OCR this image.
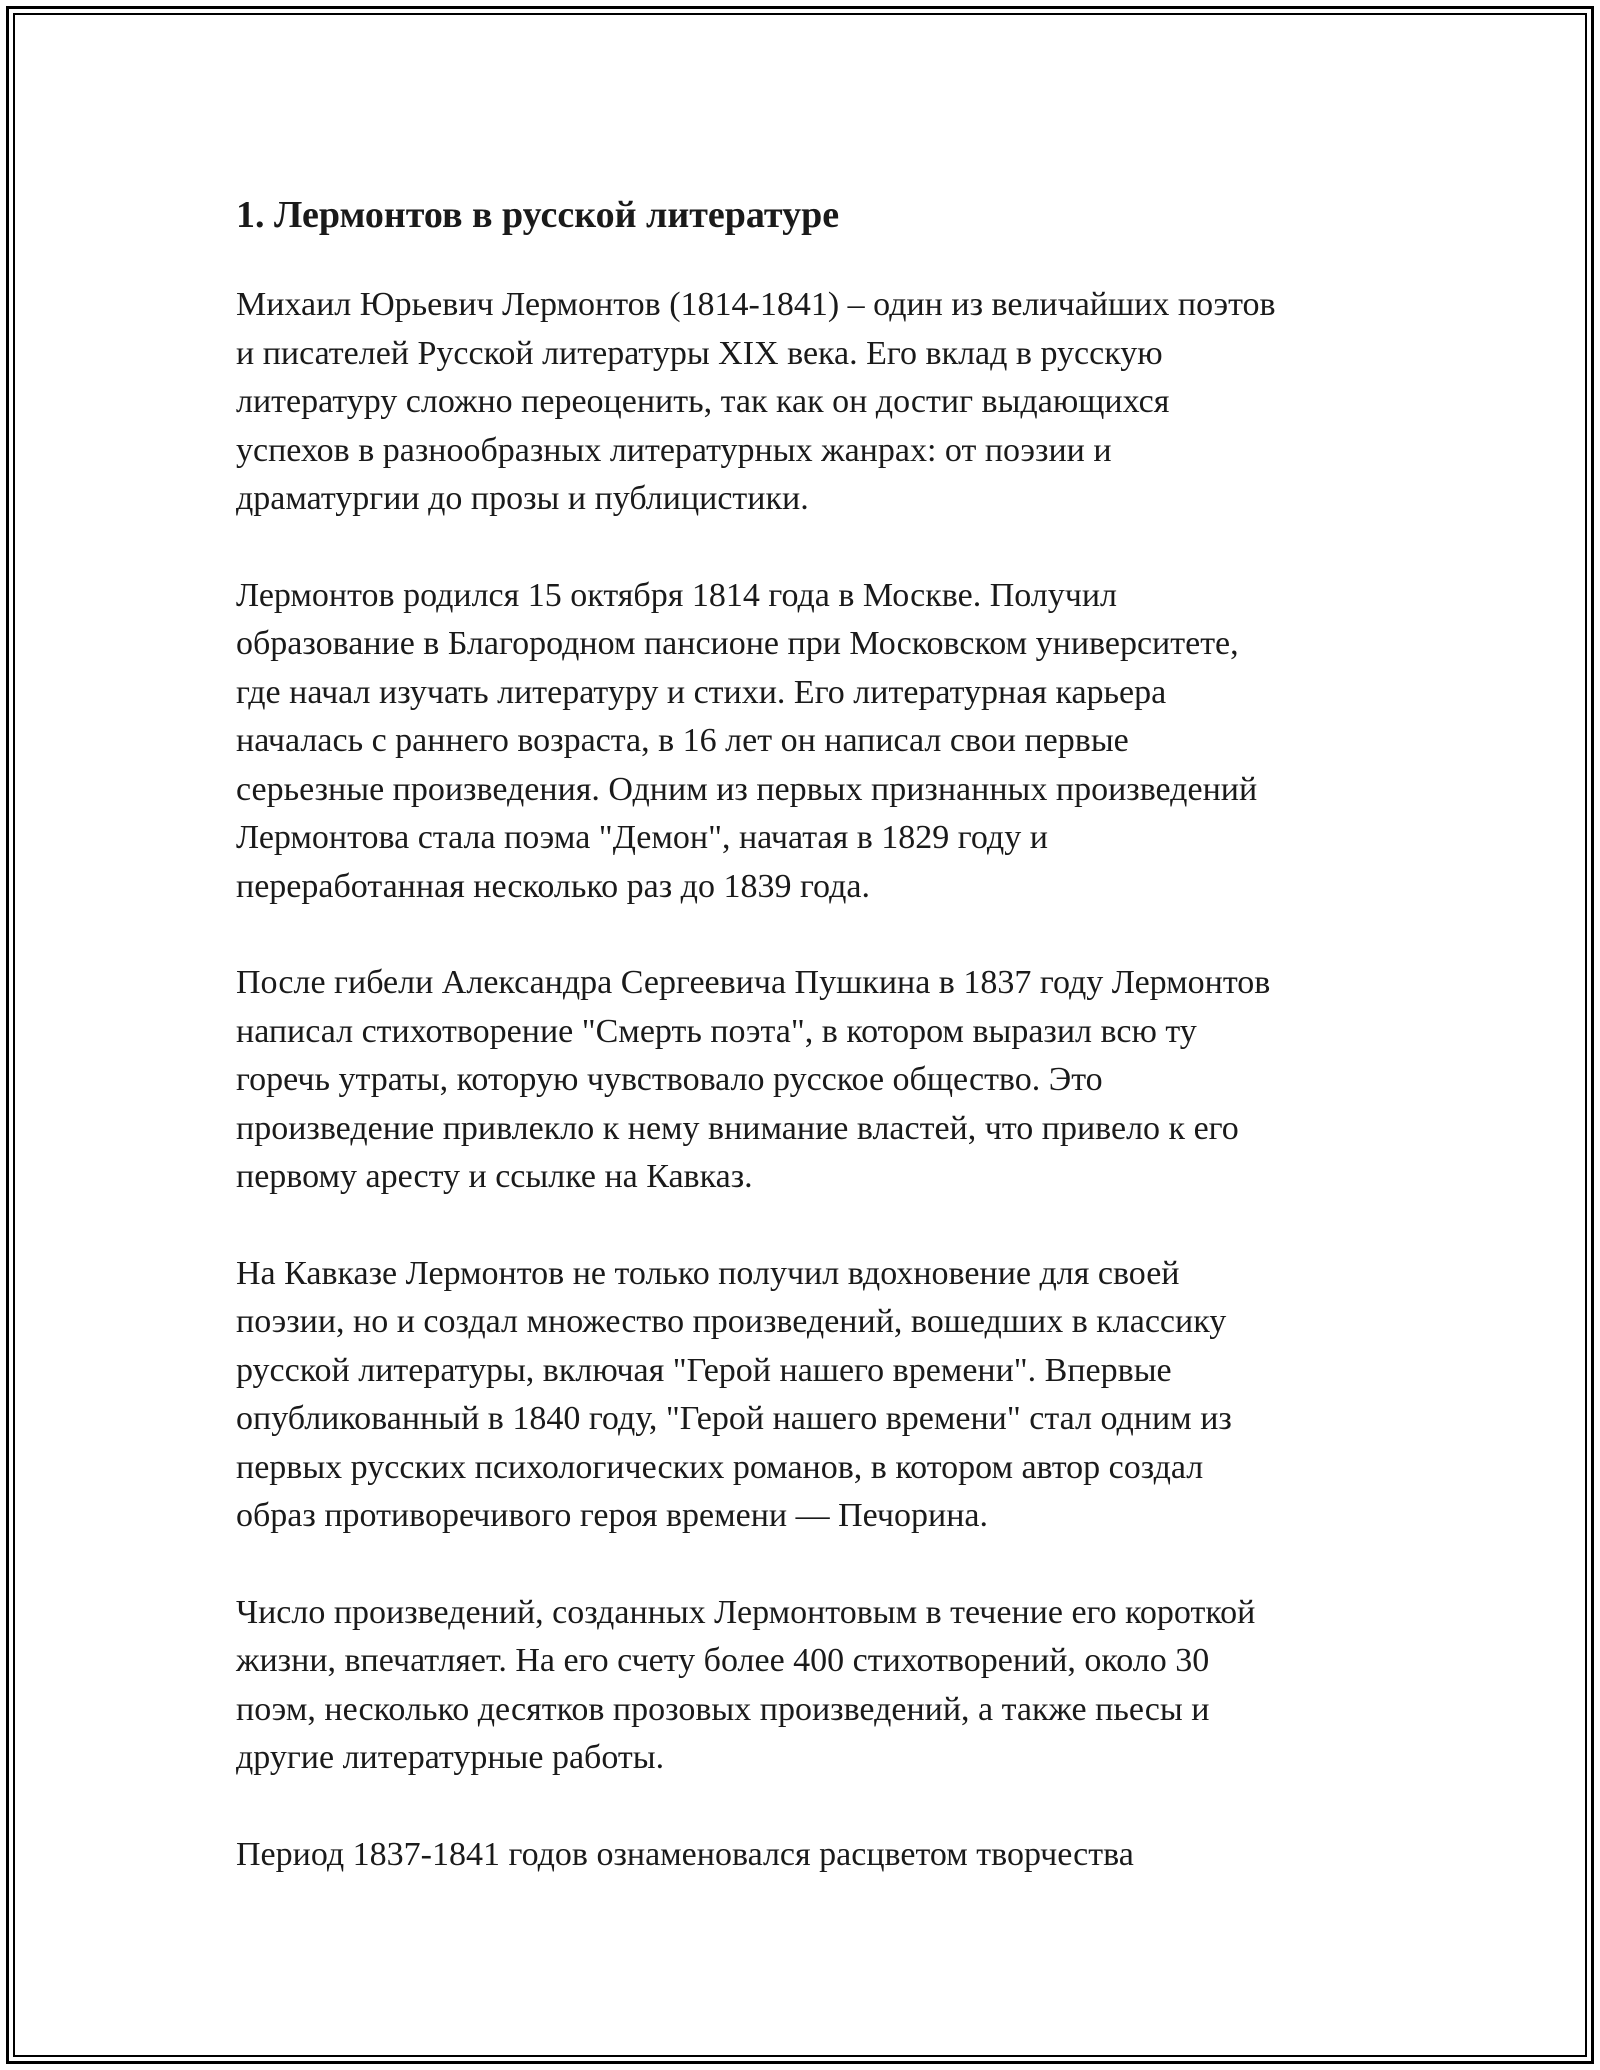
1. Лермонтов в русской литературе

Михаил Юрьевич Лермонтов (1814-1841) – один из величайших поэтов
и писателей Русской литературы XIX века. Его вклад в русскую
литературу сложно переоценить, так как он достиг выдающихся
успехов в разнообразных литературных жанрах: от поэзии и
драматургии до прозы и публицистики.

Лермонтов родился 15 октября 1814 года в Москве. Получил
образование в Благородном пансионе при Московском университете,
где начал изучать литературу и стихи. Его литературная карьера
началась с раннего возраста, в 16 лет он написал свои первые
серьезные произведения. Одним из первых признанных произведений
Лермонтова стала поэма "Демон", начатая в 1829 году и
переработанная несколько раз до 1839 года.

После гибели Александра Сергеевича Пушкина в 1837 году Лермонтов
написал стихотворение "Смерть поэта", в котором выразил всю ту
горечь утраты, которую чувствовало русское общество. Это
произведение привлекло к нему внимание властей, что привело к его
первому аресту и ссылке на Кавказ.

На Кавказе Лермонтов не только получил вдохновение для своей
поэзии, но и создал множество произведений, вошедших в классику
русской литературы, включая "Герой нашего времени". Впервые
опубликованный в 1840 году, "Герой нашего времени" стал одним из
первых русских психологических романов, в котором автор создал
образ противоречивого героя времени — Печорина.

Число произведений, созданных Лермонтовым в течение его короткой
жизни, впечатляет. На его счету более 400 стихотворений, около 30
поэм, несколько десятков прозовых произведений, а также пьесы и
другие литературные работы.

Период 1837-1841 годов ознаменовался расцветом творчества
